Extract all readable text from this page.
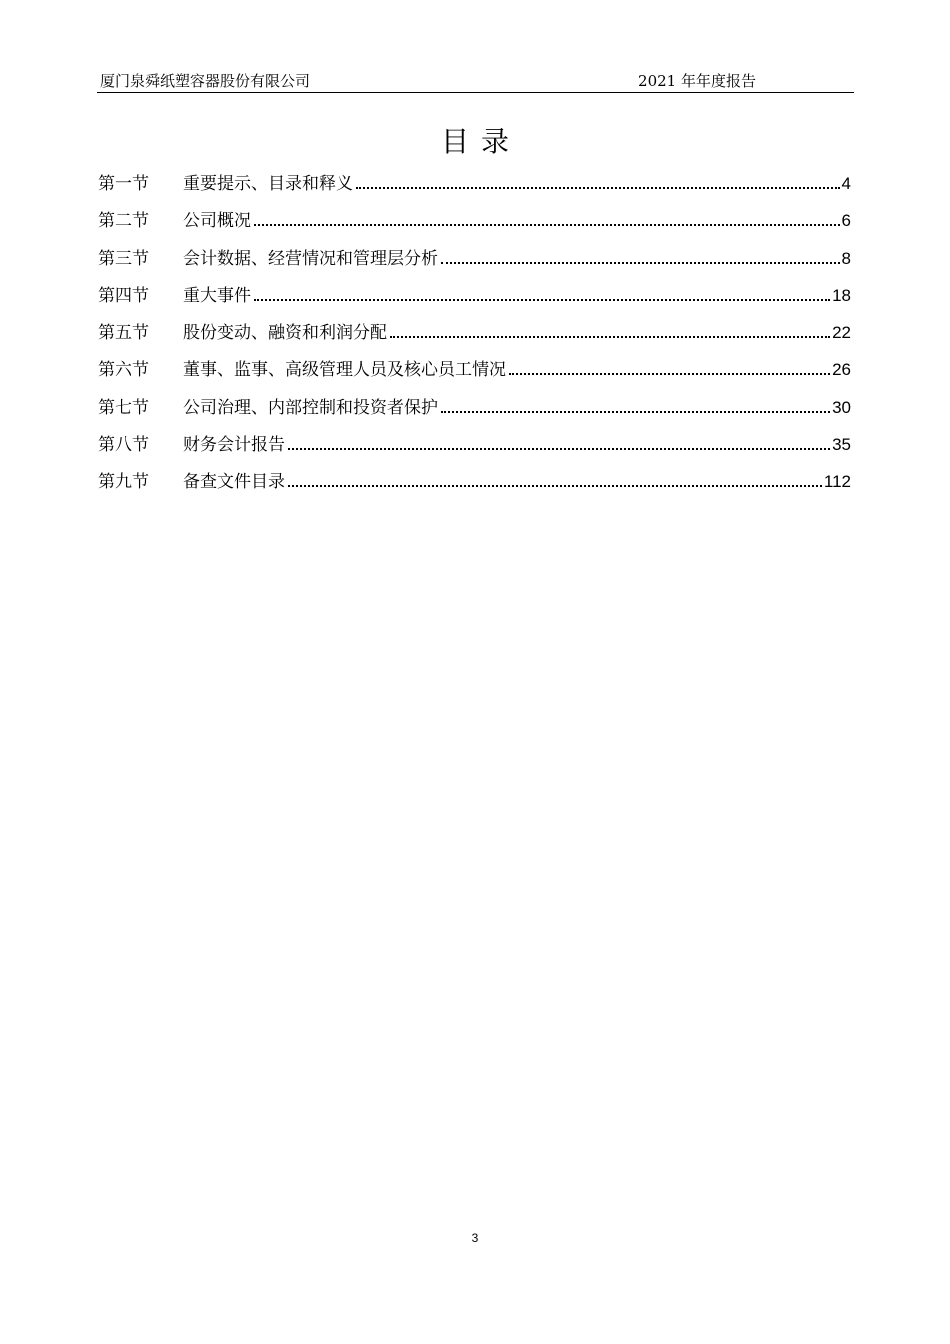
厦门泉舜纸塑容器股份有限公司	2021 年年度报告
目录
第一节	重要提示、目录和释义	4
第二节	公司概况	6
第三节	会计数据、经营情况和管理层分析	8
第四节	重大事件	18
第五节	股份变动、融资和利润分配	22
第六节	董事、监事、高级管理人员及核心员工情况	26
第七节	公司治理、内部控制和投资者保护	30
第八节	财务会计报告	35
第九节	备查文件目录	112
3
